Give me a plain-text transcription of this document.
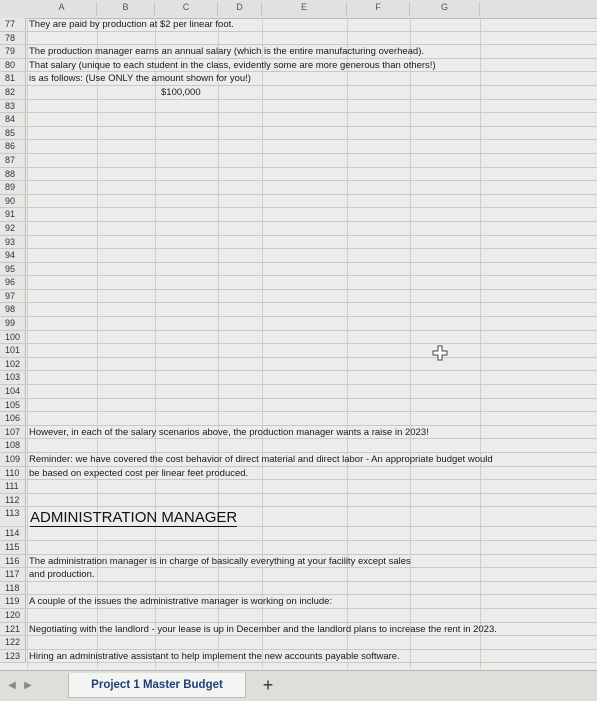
A	B	C	D	E	F	G
77	They are paid by production at $2 per linear foot.
78
79	The production manager earns an annual salary (which is the entire manufacturing overhead).
80	That salary (unique to each student in the class, evidently some are more generous than others!)
81	is as follows: (Use ONLY the amount shown for you!)
82	$100,000
83
84
85
86
87
88
89
90
91
92
93
94
95
96
97
98
99
100
101
102
103
104
105
106
107 However, in each of the salary scenarios above, the production manager wants a raise in 2023!
108
109 Reminder: we have covered the cost behavior of direct material and direct labor - An appropriate budget would
110	be based on expected cost per linear feet produced.
111
112
113 ADMINISTRATION MANAGER
114
115
116	The administration manager is in charge of basically everything at your facility except sales
117	and production.
118
119	A couple of the issues the administrative manager is working on include:
120
121 Negotiating with the landlord - your lease is up in December and the landlord plans to increase the rent in 2023.
122
123 Hiring an administrative assistant to help implement the new accounts payable software.
◀ ▶	Project 1 Master Budget	+
